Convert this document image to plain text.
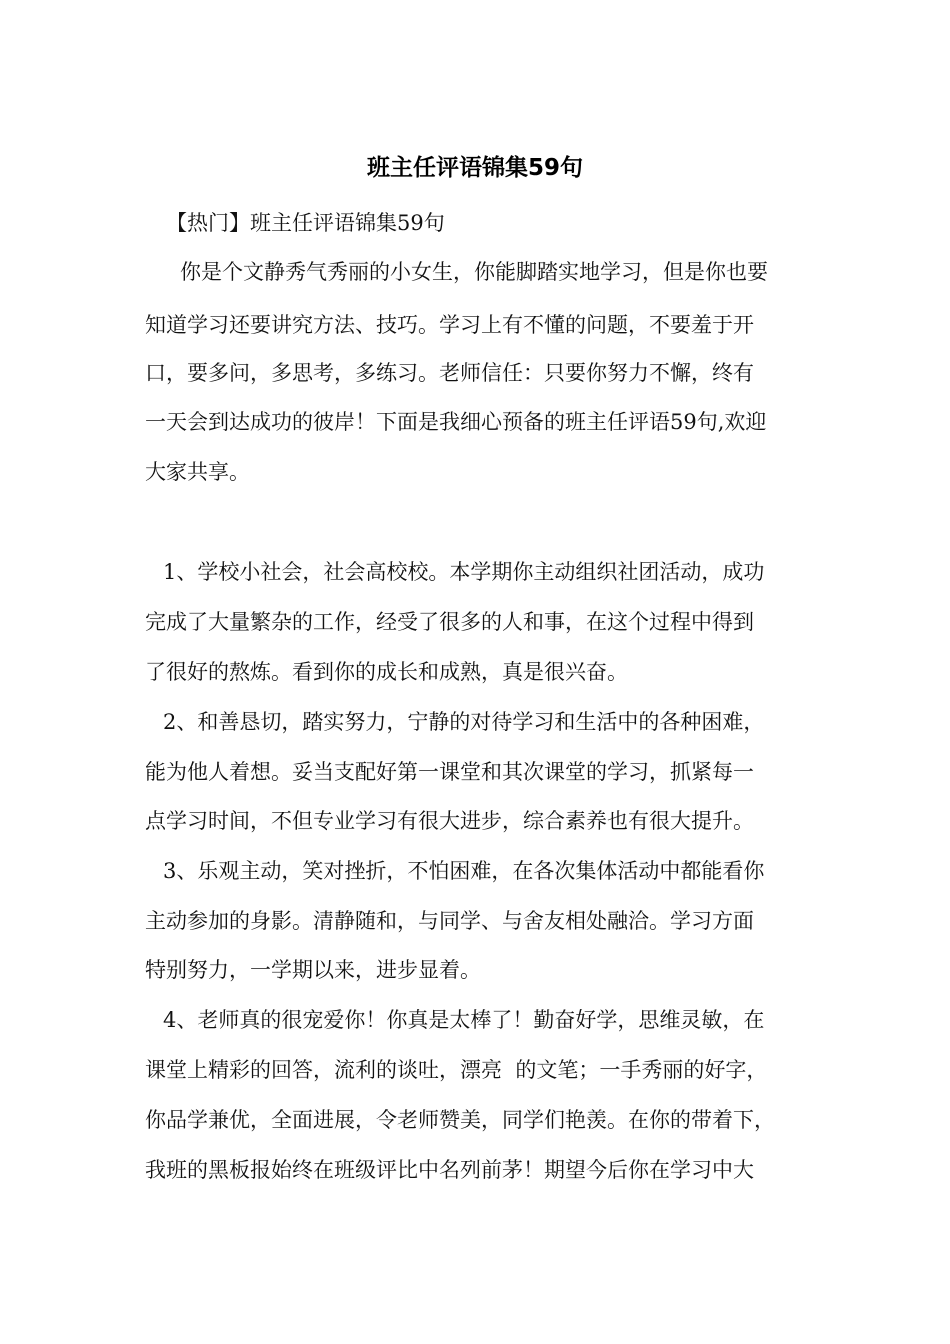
班主任评语锦集59句

【热门】班主任评语锦集59句

你是个文静秀气秀丽的小女生，你能脚踏实地学习，但是你也要

知道学习还要讲究方法、技巧。学习上有不懂的问题，不要羞于开

口，要多问，多思考，多练习。老师信任：只要你努力不懈，终有

一天会到达成功的彼岸！下面是我细心预备的班主任评语59句,欢迎

大家共享。

1、学校小社会，社会高校校。本学期你主动组织社团活动，成功

完成了大量繁杂的工作，经受了很多的人和事，在这个过程中得到

了很好的熬炼。看到你的成长和成熟，真是很兴奋。

2、和善恳切，踏实努力，宁静的对待学习和生活中的各种困难，

能为他人着想。妥当支配好第一课堂和其次课堂的学习，抓紧每一

点学习时间，不但专业学习有很大进步，综合素养也有很大提升。

3、乐观主动，笑对挫折，不怕困难，在各次集体活动中都能看你

主动参加的身影。清静随和，与同学、与舍友相处融洽。学习方面

特别努力，一学期以来，进步显着。

4、老师真的很宠爱你！你真是太棒了！勤奋好学，思维灵敏，在

课堂上精彩的回答，流利的谈吐，漂亮  的文笔；一手秀丽的好字，

你品学兼优，全面进展，令老师赞美，同学们艳羡。在你的带着下，

我班的黑板报始终在班级评比中名列前茅！期望今后你在学习中大
